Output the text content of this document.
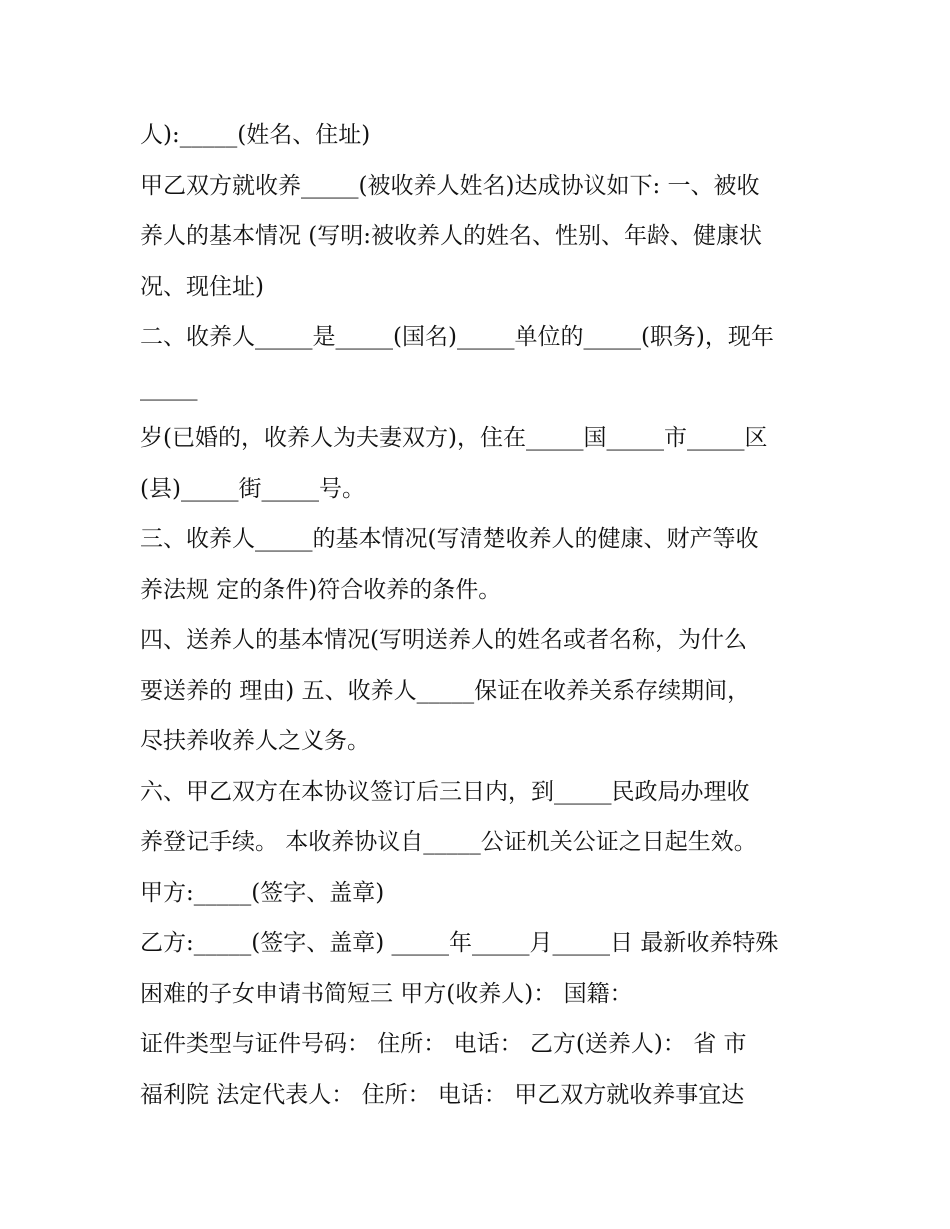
人):_____(姓名、住址)
甲乙双方就收养_____(被收养人姓名)达成协议如下: 一、被收
养人的基本情况 (写明:被收养人的姓名、性别、年龄、健康状
况、现住址)
二、收养人_____是_____(国名)_____单位的_____(职务)，现年
_____
岁(已婚的，收养人为夫妻双方)，住在_____国_____市_____区
(县)_____街_____号。
三、收养人_____的基本情况(写清楚收养人的健康、财产等收
养法规 定的条件)符合收养的条件。
四、送养人的基本情况(写明送养人的姓名或者名称，为什么
要送养的 理由) 五、收养人_____保证在收养关系存续期间，
尽扶养收养人之义务。
六、甲乙双方在本协议签订后三日内，到_____民政局办理收
养登记手续。 本收养协议自_____公证机关公证之日起生效。
甲方:_____(签字、盖章)
乙方:_____(签字、盖章) _____年_____月_____日 最新收养特殊
困难的子女申请书简短三 甲方(收养人)： 国籍：
证件类型与证件号码： 住所： 电话： 乙方(送养人)： 省 市
福利院 法定代表人： 住所： 电话： 甲乙双方就收养事宜达
